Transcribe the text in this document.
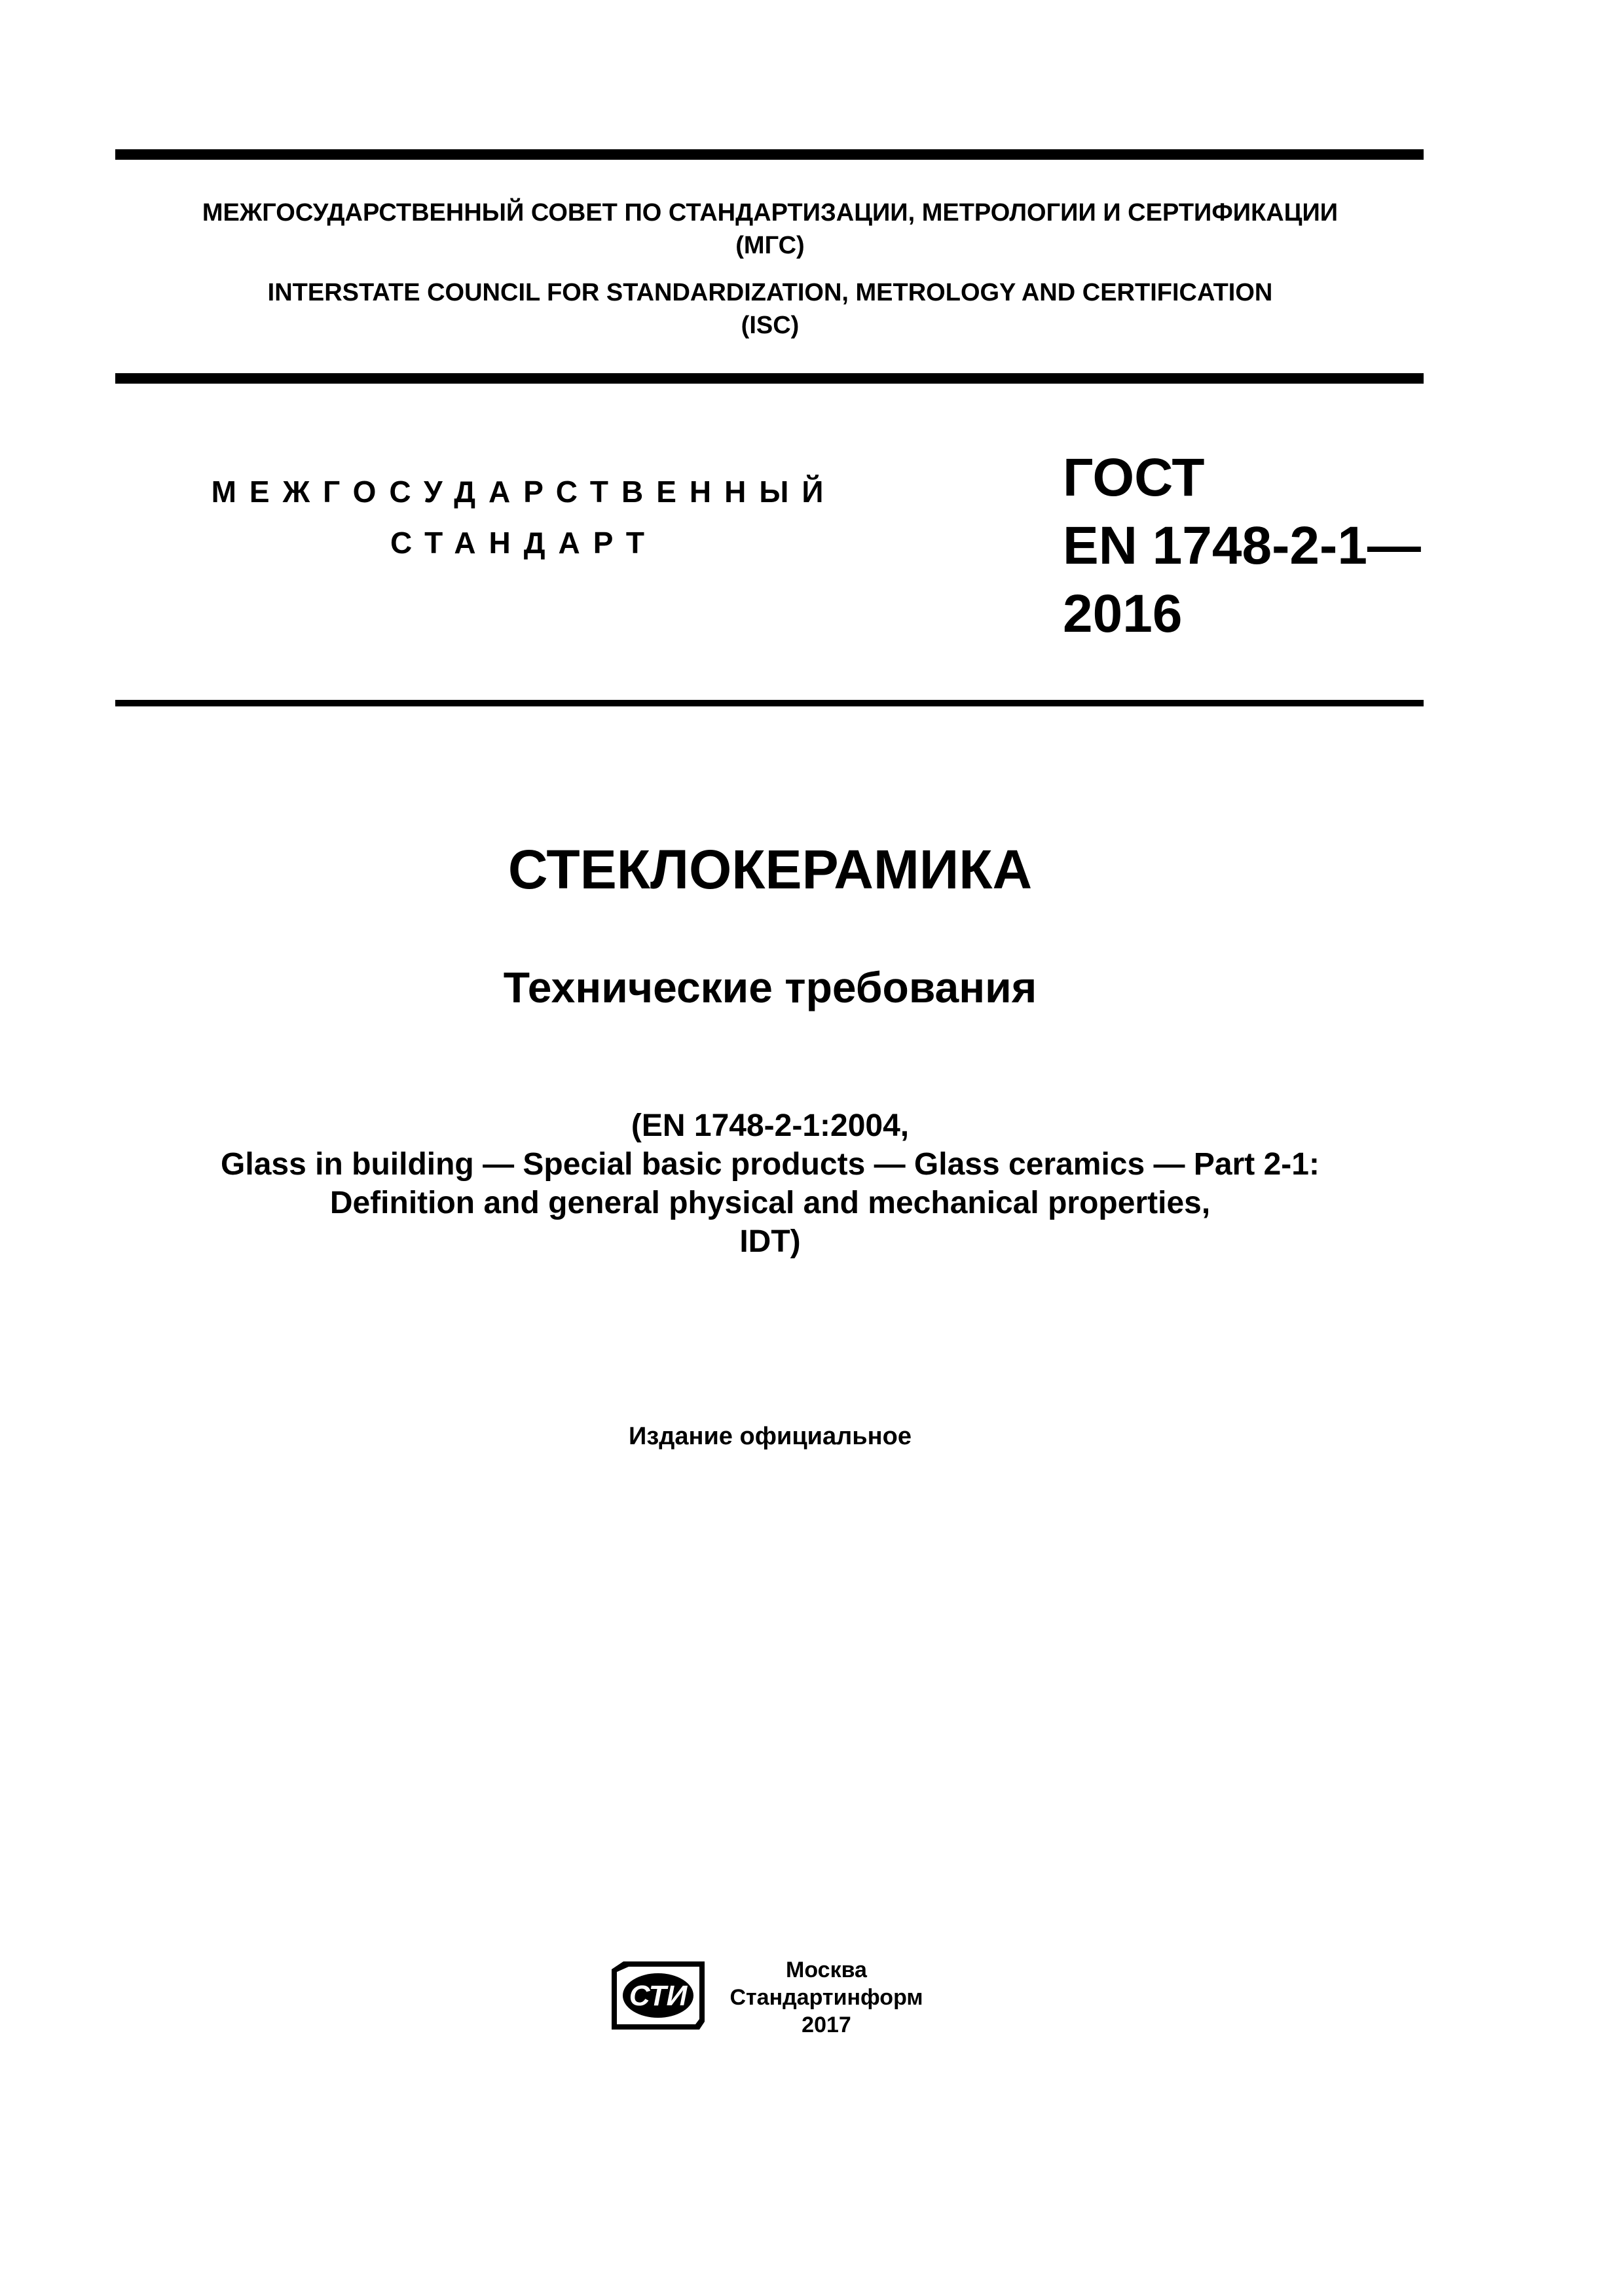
МЕЖГОСУДАРСТВЕННЫЙ СОВЕТ ПО СТАНДАРТИЗАЦИИ, МЕТРОЛОГИИ И СЕРТИФИКАЦИИ
(МГС)
INTERSTATE COUNCIL FOR STANDARDIZATION, METROLOGY AND CERTIFICATION
(ISC)
МЕЖГОСУДАРСТВЕННЫЙ
СТАНДАРТ
ГОСТ
EN 1748-2-1—
2016
СТЕКЛОКЕРАМИКА
Технические требования
(EN 1748-2-1:2004,
Glass in building — Special basic products — Glass ceramics — Part 2-1:
Definition and general physical and mechanical properties,
IDT)
Издание официальное
СТИ
Москва
Стандартинформ
2017
